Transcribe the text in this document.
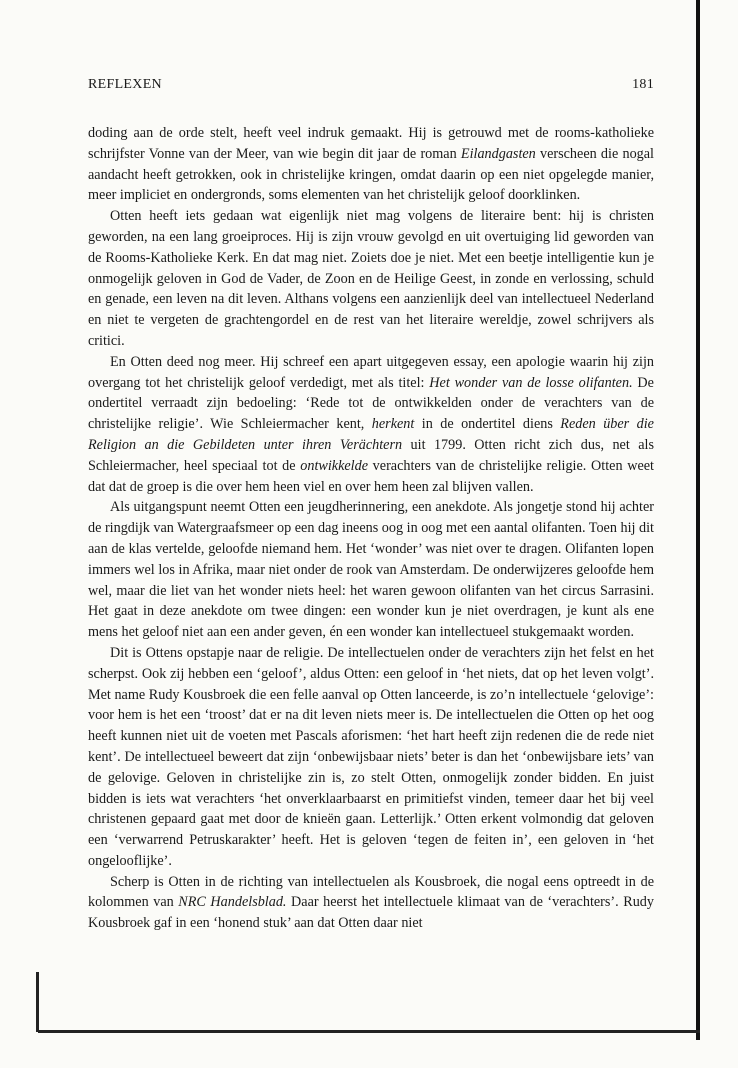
REFLEXEN	181

doding aan de orde stelt, heeft veel indruk gemaakt. Hij is getrouwd met de rooms-katholieke schrijfster Vonne van der Meer, van wie begin dit jaar de roman Eilandgasten verscheen die nogal aandacht heeft getrokken, ook in christelijke kringen, omdat daarin op een niet opgelegde manier, meer impliciet en ondergronds, soms elementen van het christelijk geloof doorklinken.

Otten heeft iets gedaan wat eigenlijk niet mag volgens de literaire bent: hij is christen geworden, na een lang groeiproces. Hij is zijn vrouw gevolgd en uit overtuiging lid geworden van de Rooms-Katholieke Kerk. En dat mag niet. Zoiets doe je niet. Met een beetje intelligentie kun je onmogelijk geloven in God de Vader, de Zoon en de Heilige Geest, in zonde en verlossing, schuld en genade, een leven na dit leven. Althans volgens een aanzienlijk deel van intellectueel Nederland en niet te vergeten de grachtengordel en de rest van het literaire wereldje, zowel schrijvers als critici.

En Otten deed nog meer. Hij schreef een apart uitgegeven essay, een apologie waarin hij zijn overgang tot het christelijk geloof verdedigt, met als titel: Het wonder van de losse olifanten. De ondertitel verraadt zijn bedoeling: ‘Rede tot de ontwikkelden onder de verachters van de christelijke religie’. Wie Schleiermacher kent, herkent in de ondertitel diens Reden über die Religion an die Gebildeten unter ihren Verächtern uit 1799. Otten richt zich dus, net als Schleiermacher, heel speciaal tot de ontwikkelde verachters van de christelijke religie. Otten weet dat dat de groep is die over hem heen viel en over hem heen zal blijven vallen.

Als uitgangspunt neemt Otten een jeugdherinnering, een anekdote. Als jongetje stond hij achter de ringdijk van Watergraafsmeer op een dag ineens oog in oog met een aantal olifanten. Toen hij dit aan de klas vertelde, geloofde niemand hem. Het ‘wonder’ was niet over te dragen. Olifanten lopen immers wel los in Afrika, maar niet onder de rook van Amsterdam. De onderwijzeres geloofde hem wel, maar die liet van het wonder niets heel: het waren gewoon olifanten van het circus Sarrasini. Het gaat in deze anekdote om twee dingen: een wonder kun je niet overdragen, je kunt als ene mens het geloof niet aan een ander geven, én een wonder kan intellectueel stukgemaakt worden.

Dit is Ottens opstapje naar de religie. De intellectuelen onder de verachters zijn het felst en het scherpst. Ook zij hebben een ‘geloof’, aldus Otten: een geloof in ‘het niets, dat op het leven volgt’. Met name Rudy Kousbroek die een felle aanval op Otten lanceerde, is zo’n intellectuele ‘gelovige’: voor hem is het een ‘troost’ dat er na dit leven niets meer is. De intellectuelen die Otten op het oog heeft kunnen niet uit de voeten met Pascals aforismen: ‘het hart heeft zijn redenen die de rede niet kent’. De intellectueel beweert dat zijn ‘onbewijsbaar niets’ beter is dan het ‘onbewijsbare iets’ van de gelovige. Geloven in christelijke zin is, zo stelt Otten, onmogelijk zonder bidden. En juist bidden is iets wat verachters ‘het onverklaarbaarst en primitiefst vinden, temeer daar het bij veel christenen gepaard gaat met door de knieën gaan. Letterlijk.’ Otten erkent volmondig dat geloven een ‘verwarrend Petruskarakter’ heeft. Het is geloven ‘tegen de feiten in’, een geloven in ‘het ongelooflijke’.

Scherp is Otten in de richting van intellectuelen als Kousbroek, die nogal eens optreedt in de kolommen van NRC Handelsblad. Daar heerst het intellectuele klimaat van de ‘verachters’. Rudy Kousbroek gaf in een ‘honend stuk’ aan dat Otten daar niet
